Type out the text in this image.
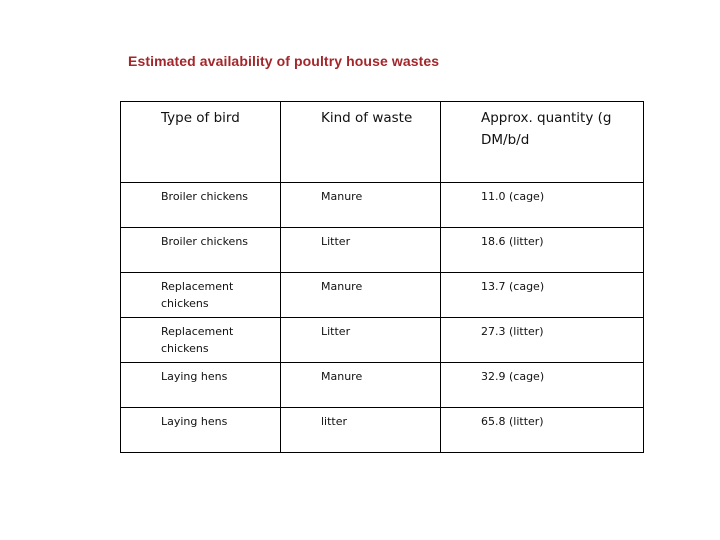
Estimated availability of poultry house wastes
Type of bird	Kind of waste	Approx. quantity (g DM/b/d
Broiler chickens	Manure	11.0 (cage)
Broiler chickens	Litter	18.6 (litter)
Replacement chickens	Manure	13.7 (cage)
Replacement chickens	Litter	27.3 (litter)
Laying hens	Manure	32.9 (cage)
Laying hens	litter	65.8 (litter)
